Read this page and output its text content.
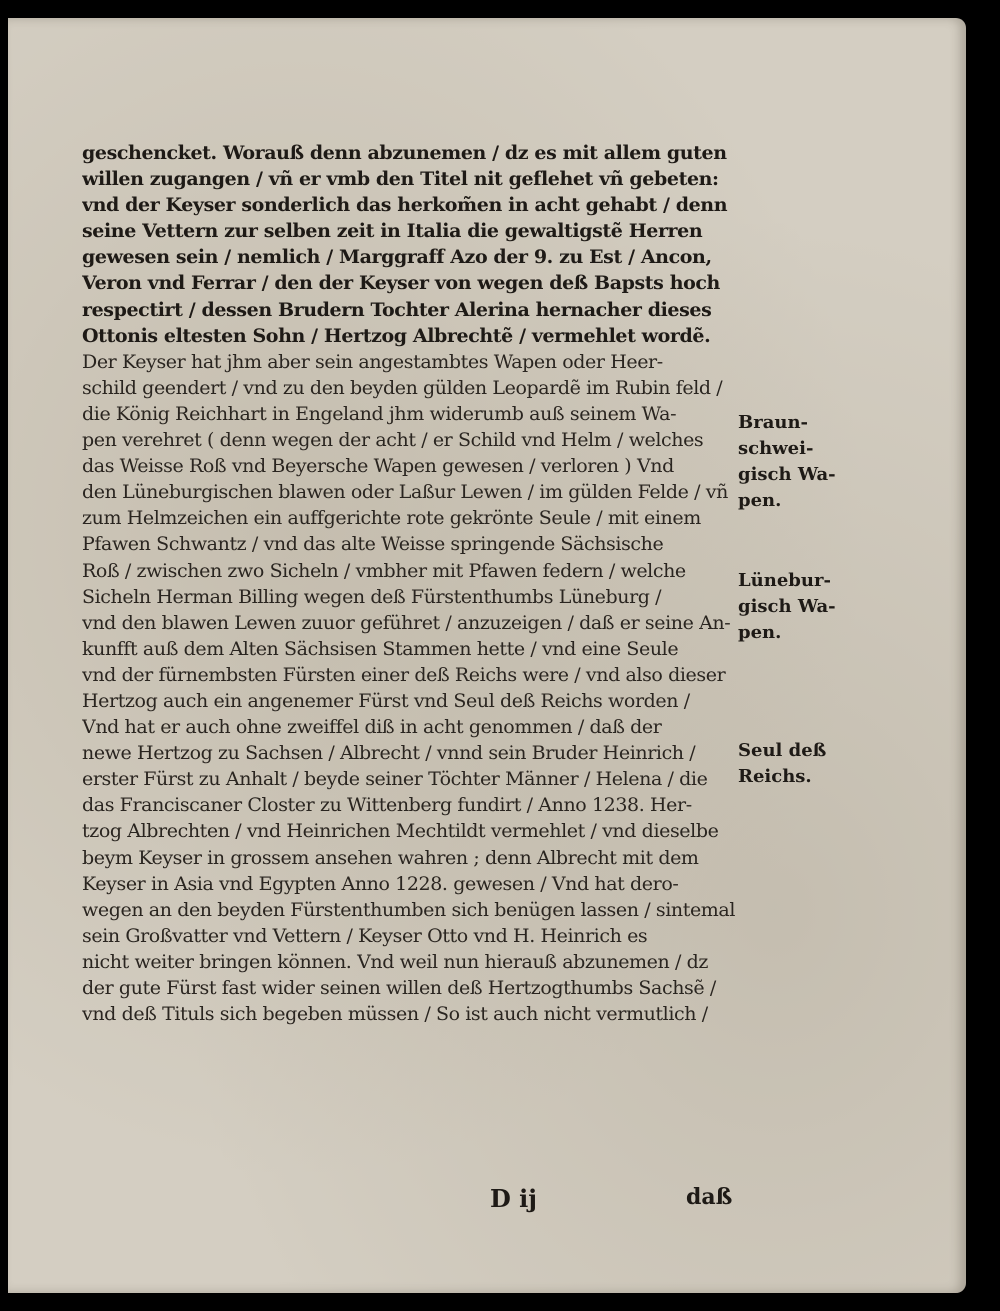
geschencket. Worauß denn abzunemen / dz es mit allem guten
willen zugangen / vñ er vmb den Titel nit geflehet vñ gebeten:
vnd der Keyser sonderlich das herkom̃en in acht gehabt / denn
seine Vettern zur selben zeit in Italia die gewaltigstẽ Herren
gewesen sein / nemlich / Marggraff Azo der 9. zu Est / Ancon,
Veron vnd Ferrar / den der Keyser von wegen deß Bapsts hoch
respectirt / dessen Brudern Tochter Alerina hernacher dieses
Ottonis eltesten Sohn / Hertzog Albrechtẽ / vermehlet wordẽ.
Der Keyser hat jhm aber sein angestambtes Wapen oder Heer-
schild geendert / vnd zu den beyden gülden Leopardẽ im Rubin feld /
die König Reichhart in Engeland jhm widerumb auß seinem Wa-
pen verehret ( denn wegen der acht / er Schild vnd Helm / welches
das Weisse Roß vnd Beyersche Wapen gewesen / verloren ) Vnd
den Lüneburgischen blawen oder Laßur Lewen / im gülden Felde / vñ
zum Helmzeichen ein auffgerichte rote gekrönte Seule / mit einem
Pfawen Schwantz / vnd das alte Weisse springende Sächsische
Roß / zwischen zwo Sicheln / vmbher mit Pfawen federn / welche
Sicheln Herman Billing wegen deß Fürstenthumbs Lüneburg /
vnd den blawen Lewen zuuor geführet / anzuzeigen / daß er seine An-
kunfft auß dem Alten Sächsisen Stammen hette / vnd eine Seule
vnd der fürnembsten Fürsten einer deß Reichs were / vnd also dieser
Hertzog auch ein angenemer Fürst vnd Seul deß Reichs worden /
Vnd hat er auch ohne zweiffel diß in acht genommen / daß der
newe Hertzog zu Sachsen / Albrecht / vnnd sein Bruder Heinrich /
erster Fürst zu Anhalt / beyde seiner Töchter Männer / Helena / die
das Franciscaner Closter zu Wittenberg fundirt / Anno 1238. Her-
tzog Albrechten / vnd Heinrichen Mechtildt vermehlet / vnd dieselbe
beym Keyser in grossem ansehen wahren ; denn Albrecht mit dem
Keyser in Asia vnd Egypten Anno 1228. gewesen / Vnd hat dero-
wegen an den beyden Fürstenthumben sich benügen lassen / sintemal
sein Großvatter vnd Vettern / Keyser Otto vnd H. Heinrich es
nicht weiter bringen können. Vnd weil nun hierauß abzunemen / dz
der gute Fürst fast wider seinen willen deß Hertzogthumbs Sachsẽ /
vnd deß Tituls sich begeben müssen / So ist auch nicht vermutlich /
Braun-
schwei-
gisch Wa-
pen.
Lünebur-
gisch Wa-
pen.
Seul deß
Reichs.
D ij	daß
